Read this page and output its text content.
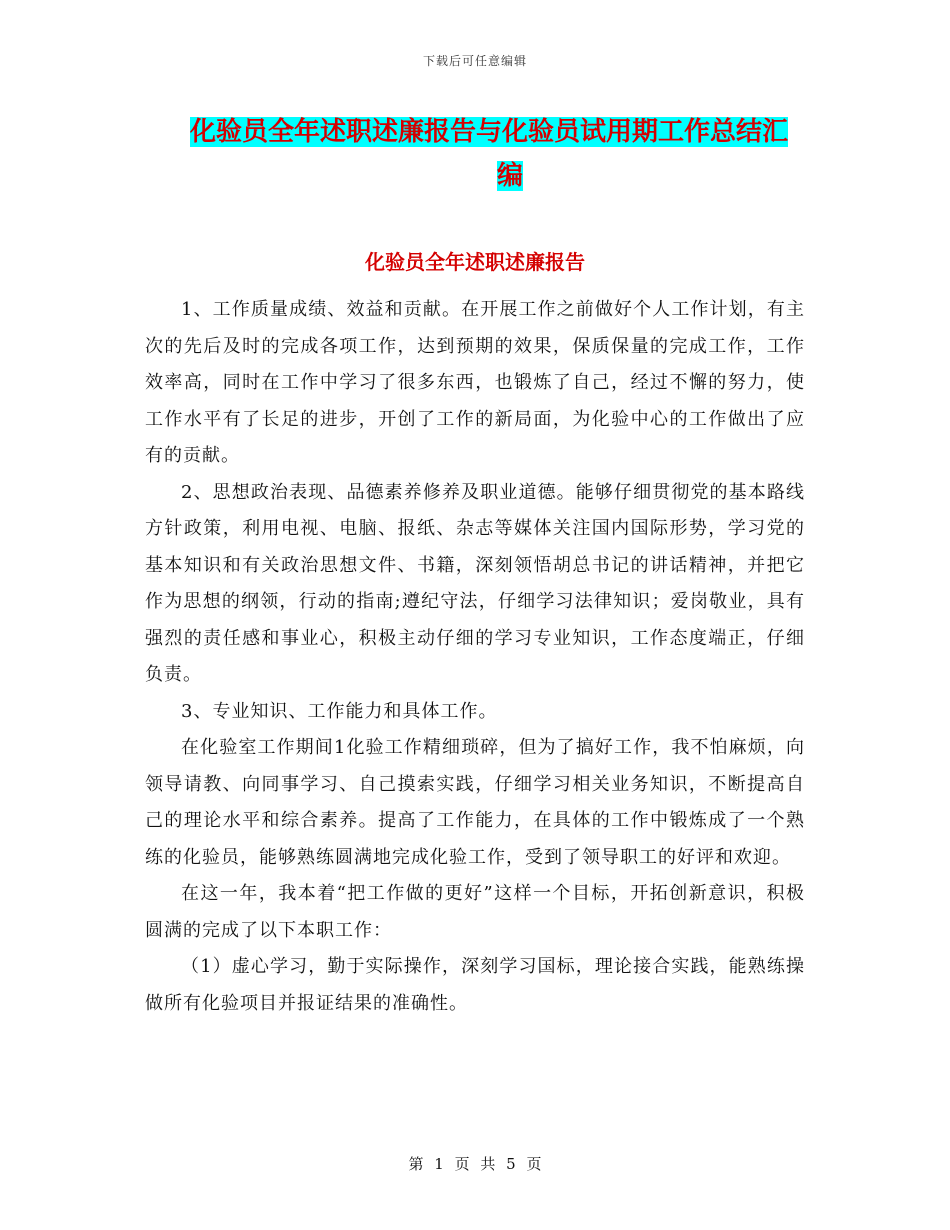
下载后可任意编辑
化验员全年述职述廉报告与化验员试用期工作总结汇
编
化验员全年述职述廉报告

1、工作质量成绩、效益和贡献。在开展工作之前做好个人工作计划，有主次的先后及时的完成各项工作，达到预期的效果，保质保量的完成工作，工作效率高，同时在工作中学习了很多东西，也锻炼了自己，经过不懈的努力，使工作水平有了长足的进步，开创了工作的新局面，为化验中心的工作做出了应有的贡献。

2、思想政治表现、品德素养修养及职业道德。能够仔细贯彻党的基本路线方针政策，利用电视、电脑、报纸、杂志等媒体关注国内国际形势，学习党的基本知识和有关政治思想文件、书籍，深刻领悟胡总书记的讲话精神，并把它作为思想的纲领，行动的指南;遵纪守法，仔细学习法律知识；爱岗敬业，具有强烈的责任感和事业心，积极主动仔细的学习专业知识，工作态度端正，仔细负责。

3、专业知识、工作能力和具体工作。

在化验室工作期间1化验工作精细琐碎，但为了搞好工作，我不怕麻烦，向领导请教、向同事学习、自己摸索实践，仔细学习相关业务知识，不断提高自己的理论水平和综合素养。提高了工作能力，在具体的工作中锻炼成了一个熟练的化验员，能够熟练圆满地完成化验工作，受到了领导职工的好评和欢迎。

在这一年，我本着“把工作做的更好”这样一个目标，开拓创新意识，积极圆满的完成了以下本职工作：

（1）虚心学习，勤于实际操作，深刻学习国标，理论接合实践，能熟练操做所有化验项目并报证结果的准确性。

第 1 页 共 5 页
